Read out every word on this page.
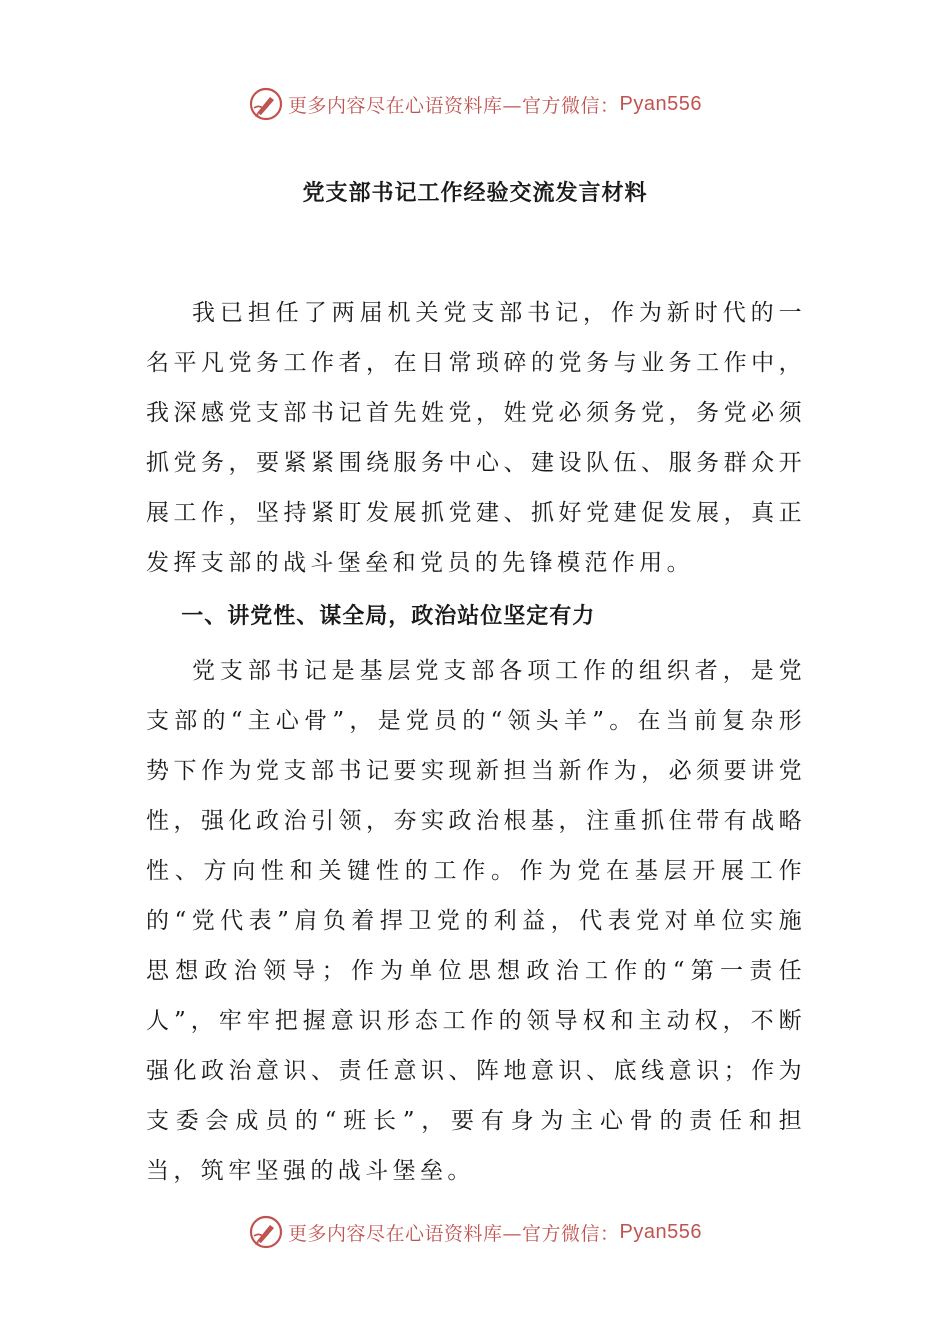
更多内容尽在心语资料库—官方微信： Pyan556
党支部书记工作经验交流发言材料

我已担任了两届机关党支部书记，作为新时代的一名平凡党务工作者，在日常琐碎的党务与业务工作中，我深感党支部书记首先姓党，姓党必须务党，务党必须抓党务，要紧紧围绕服务中心、建设队伍、服务群众开展工作，坚持紧盯发展抓党建、抓好党建促发展，真正发挥支部的战斗堡垒和党员的先锋模范作用。

一、讲党性、谋全局，政治站位坚定有力

党支部书记是基层党支部各项工作的组织者，是党支部的“主心骨”，是党员的“领头羊”。在当前复杂形势下作为党支部书记要实现新担当新作为，必须要讲党性，强化政治引领，夯实政治根基，注重抓住带有战略性、方向性和关键性的工作。作为党在基层开展工作的“党代表”肩负着捍卫党的利益，代表党对单位实施思想政治领导；作为单位思想政治工作的“第一责任人”，牢牢把握意识形态工作的领导权和主动权，不断强化政治意识、责任意识、阵地意识、底线意识；作为支委会成员的“班长”，要有身为主心骨的责任和担当，筑牢坚强的战斗堡垒。

更多内容尽在心语资料库—官方微信： Pyan556
